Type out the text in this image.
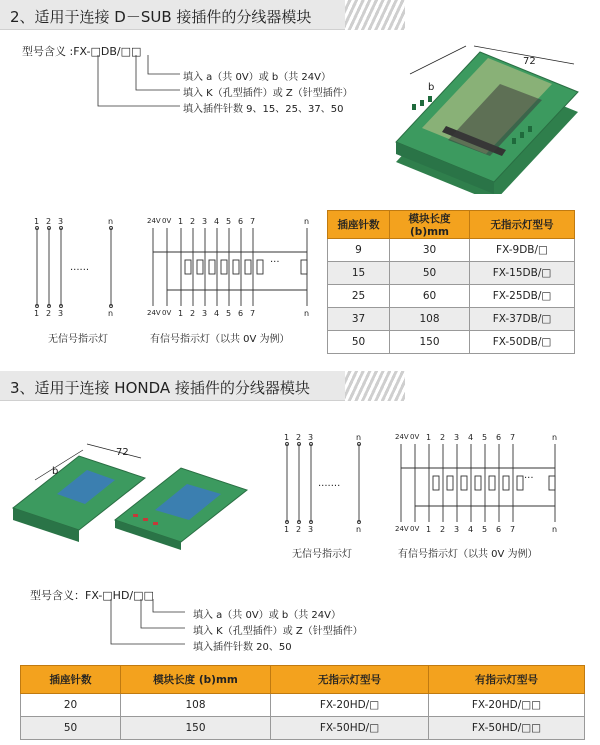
2、适用于连接 D－SUB 接插件的分线器模块
型号含义 :FX-□DB/□□
填入 a（共 0V）或 b（共 24V）
填入 K（孔型插件）或 Z（针型插件）
填入插件针数 9、15、25、37、50
72
b
1 2 3	n
......
1 2 3	n
无信号指示灯
24V 0V 1 2 3 4 5 6 7	n
...
24V 0V 1 2 3 4 5 6 7	n
有信号指示灯（以共 0V 为例）
插座针数	模块长度 (b)mm	无指示灯型号
9	30	FX-9DB/□
15	50	FX-15DB/□
25	60	FX-25DB/□
37	108	FX-37DB/□
50	150	FX-50DB/□
3、适用于连接 HONDA 接插件的分线器模块
72
b
1 2 3	n
.......
1 2 3	n
无信号指示灯
24V 0V 1 2 3 4 5 6 7	n
...
24V 0V 1 2 3 4 5 6 7	n
有信号指示灯（以共 0V 为例）
型号含义：FX-□HD/□□
填入 a（共 0V）或 b（共 24V）
填入 K（孔型插件）或 Z（针型插件）
填入插件针数 20、50
插座针数	模块长度 (b)mm	无指示灯型号	有指示灯型号
20	108	FX-20HD/□	FX-20HD/□□
50	150	FX-50HD/□	FX-50HD/□□
